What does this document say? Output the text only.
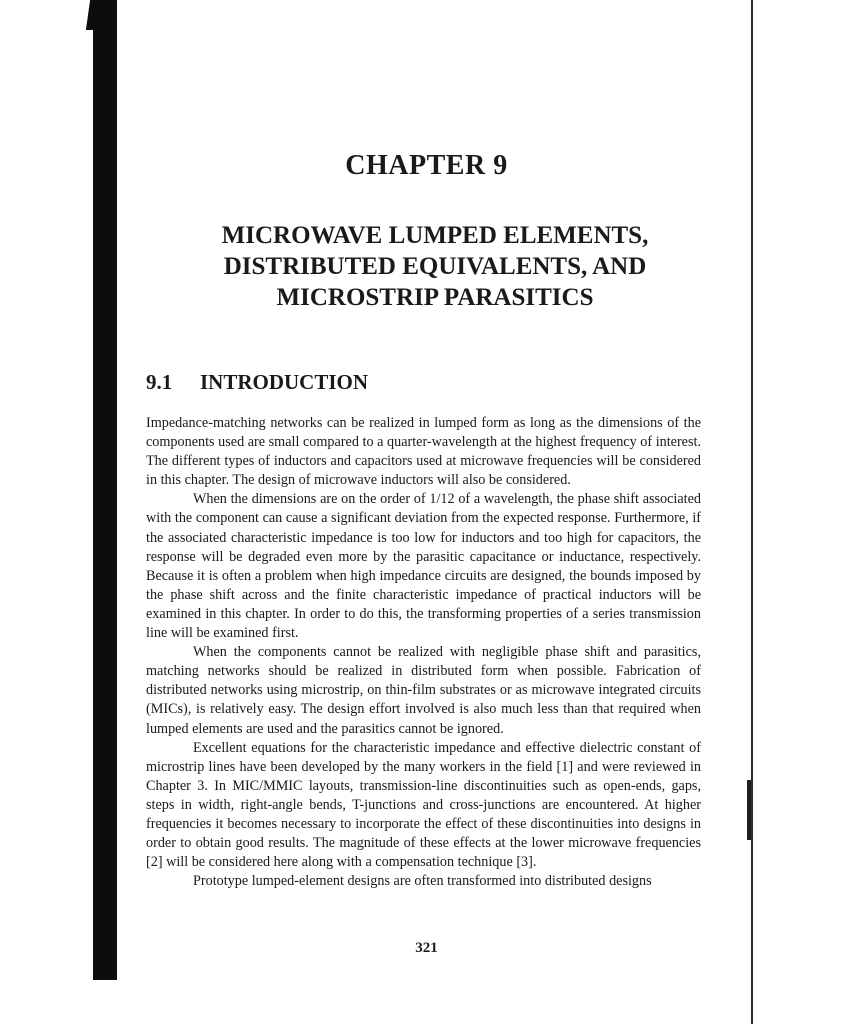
CHAPTER 9
MICROWAVE LUMPED ELEMENTS,
DISTRIBUTED EQUIVALENTS, AND
MICROSTRIP PARASITICS
9.1 INTRODUCTION

Impedance-matching networks can be realized in lumped form as long as the dimensions of the components used are small compared to a quarter-wavelength at the highest frequency of interest. The different types of inductors and capacitors used at microwave frequencies will be considered in this chapter. The design of microwave inductors will also be considered.

When the dimensions are on the order of 1/12 of a wavelength, the phase shift associated with the component can cause a significant deviation from the expected response. Furthermore, if the associated characteristic impedance is too low for inductors and too high for capacitors, the response will be degraded even more by the parasitic capacitance or inductance, respectively. Because it is often a problem when high impedance circuits are designed, the bounds imposed by the phase shift across and the finite characteristic impedance of practical inductors will be examined in this chapter. In order to do this, the transforming properties of a series transmission line will be examined first.

When the components cannot be realized with negligible phase shift and parasitics, matching networks should be realized in distributed form when possible. Fabrication of distributed networks using microstrip, on thin-film substrates or as microwave integrated circuits (MICs), is relatively easy. The design effort involved is also much less than that required when lumped elements are used and the parasitics cannot be ignored.

Excellent equations for the characteristic impedance and effective dielectric constant of microstrip lines have been developed by the many workers in the field [1] and were reviewed in Chapter 3. In MIC/MMIC layouts, transmission-line discontinuities such as open-ends, gaps, steps in width, right-angle bends, T-junctions and cross-junctions are encountered. At higher frequencies it becomes necessary to incorporate the effect of these discontinuities into designs in order to obtain good results. The magnitude of these effects at the lower microwave frequencies [2] will be considered here along with a compensation technique [3].

Prototype lumped-element designs are often transformed into distributed designs

321
